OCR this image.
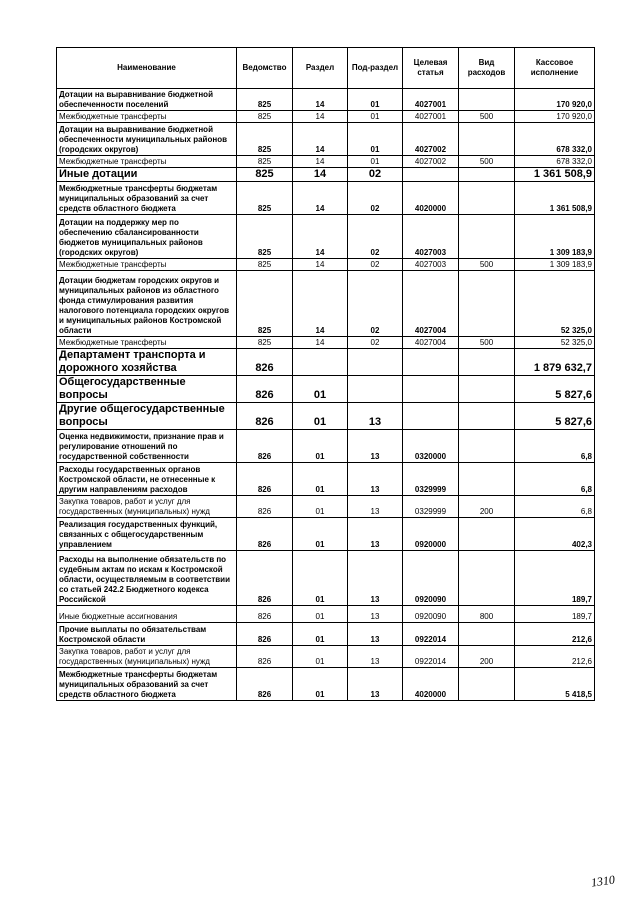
Наименование	Ведомство	Раздел	Под-раздел	Целевая статья	Вид расходов	Кассовое исполнение
Дотации на выравнивание бюджетной обеспеченности поселений	825	14	01	4027001		170 920,0
Межбюджетные трансферты	825	14	01	4027001	500	170 920,0
Дотации на выравнивание бюджетной обеспеченности муниципальных районов (городских округов)	825	14	01	4027002		678 332,0
Межбюджетные трансферты	825	14	01	4027002	500	678 332,0
Иные дотации	825	14	02			1 361 508,9
Межбюджетные трансферты бюджетам муниципальных образований за счет средств областного бюджета	825	14	02	4020000		1 361 508,9
Дотации на поддержку мер по обеспечению сбалансированности бюджетов муниципальных районов (городских округов)	825	14	02	4027003		1 309 183,9
Межбюджетные трансферты	825	14	02	4027003	500	1 309 183,9
Дотации бюджетам городских округов и муниципальных районов из областного фонда стимулирования развития налогового потенциала городских округов и муниципальных районов Костромской области	825	14	02	4027004		52 325,0
Межбюджетные трансферты	825	14	02	4027004	500	52 325,0
Департамент транспорта и дорожного хозяйства	826					1 879 632,7
Общегосударственные вопросы	826	01				5 827,6
Другие общегосударственные вопросы	826	01	13			5 827,6
Оценка недвижимости, признание прав и регулирование отношений по государственной собственности	826	01	13	0320000		6,8
Расходы государственных органов Костромской области, не отнесенные к другим направлениям расходов	826	01	13	0329999		6,8
Закупка товаров, работ и услуг для государственных (муниципальных) нужд	826	01	13	0329999	200	6,8
Реализация государственных функций, связанных с общегосударственным управлением	826	01	13	0920000		402,3
Расходы на выполнение обязательств по судебным актам по искам к Костромской области, осуществляемым в соответствии со статьей 242.2 Бюджетного кодекса Российской	826	01	13	0920090		189,7
Иные бюджетные ассигнования	826	01	13	0920090	800	189,7
Прочие выплаты по обязательствам Костромской области	826	01	13	0922014		212,6
Закупка товаров, работ и услуг для государственных (муниципальных) нужд	826	01	13	0922014	200	212,6
Межбюджетные трансферты бюджетам муниципальных образований за счет средств областного бюджета	826	01	13	4020000		5 418,5
1310
